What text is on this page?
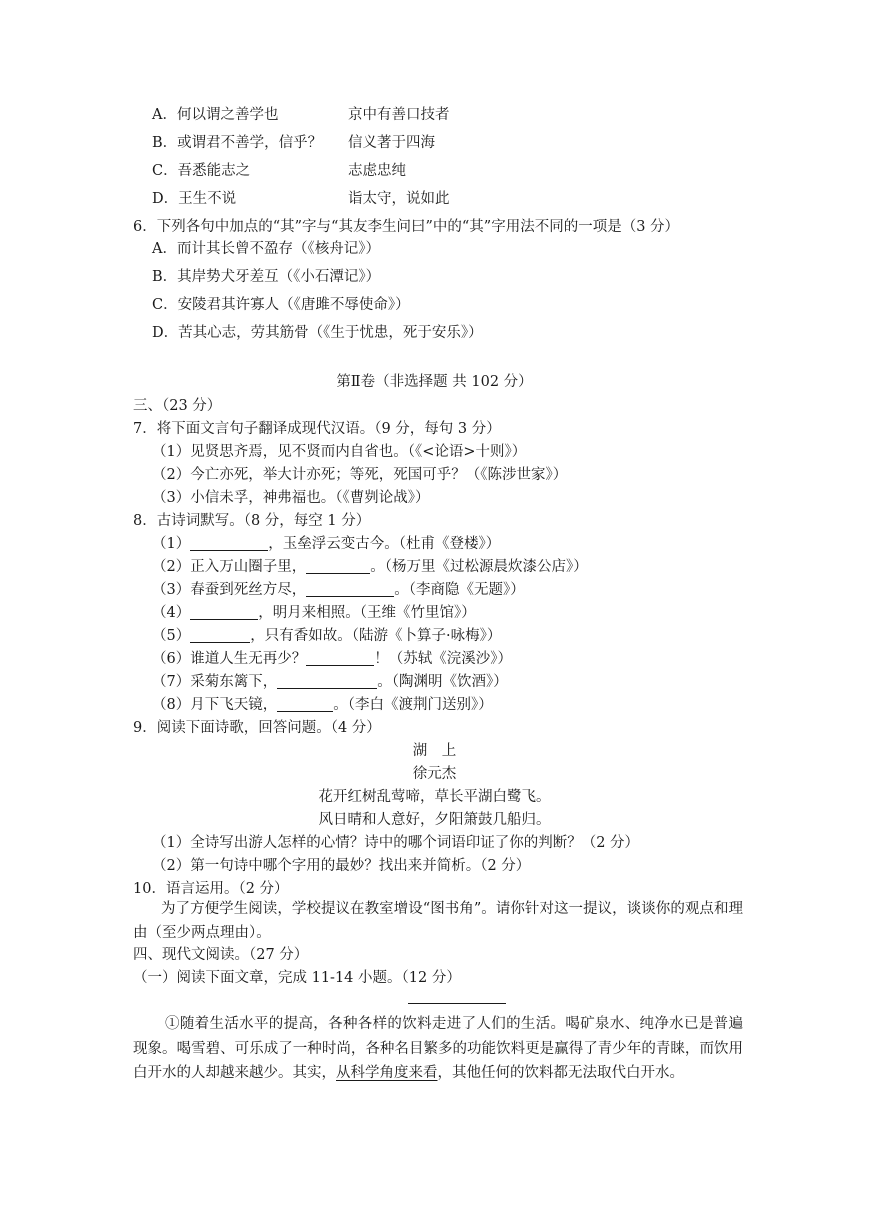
A．何以谓之善学也	京中有善口技者
B．或谓君不善学，信乎？ 信义著于四海
C．吾悉能志之	志虑忠纯
D．王生不说	诣太守，说如此
6．下列各句中加点的“其”字与“其友李生问曰”中的“其”字用法不同的一项是（3 分）
A．而计其长曾不盈存（《核舟记》）
B．其岸势犬牙差互（《小石潭记》）
C．安陵君其许寡人（《唐雎不辱使命》）
D．苦其心志，劳其筋骨（《生于忧患，死于安乐》）
第Ⅱ卷（非选择题 共 102 分）
三、（23 分）
7．将下面文言句子翻译成现代汉语。（9 分，每句 3 分）
（1）见贤思齐焉，见不贤而内自省也。（《<论语>十则》）
（2）今亡亦死，举大计亦死；等死，死国可乎？（《陈涉世家》）
（3）小信未孚，神弗福也。（《曹刿论战》）
8．古诗词默写。（8 分，每空 1 分）
（1）	，玉垒浮云变古今。（杜甫《登楼》）
（2）正入万山圈子里，	。（杨万里《过松源晨炊漆公店》）
（3）春蚕到死丝方尽，	。（李商隐《无题》）
（4）	，明月来相照。（王维《竹里馆》）
（5）	，只有香如故。（陆游《卜算子·咏梅》）
（6）谁道人生无再少？	！（苏轼《浣溪沙》）
（7）采菊东篱下，	。（陶渊明《饮酒》）
（8）月下飞天镜，	。（李白《渡荆门送别》）
9．阅读下面诗歌，回答问题。（4 分）
湖　上
徐元杰
花开红树乱莺啼，草长平湖白鹭飞。
风日晴和人意好，夕阳箫鼓几船归。
（1）全诗写出游人怎样的心情？诗中的哪个词语印证了你的判断？（2 分）
（2）第一句诗中哪个字用的最妙？找出来并简析。（2 分）
10．语言运用。（2 分）
为了方便学生阅读，学校提议在教室增设“图书角”。请你针对这一提议，谈谈你的观点和理由（至少两点理由）。
四、现代文阅读。（27 分）
（一）阅读下面文章，完成 11-14 小题。（12 分）
①随着生活水平的提高，各种各样的饮料走进了人们的生活。喝矿泉水、纯净水已是普遍现象。喝雪碧、可乐成了一种时尚，各种名目繁多的功能饮料更是赢得了青少年的青睐，而饮用白开水的人却越来越少。其实，从科学角度来看，其他任何的饮料都无法取代白开水。
